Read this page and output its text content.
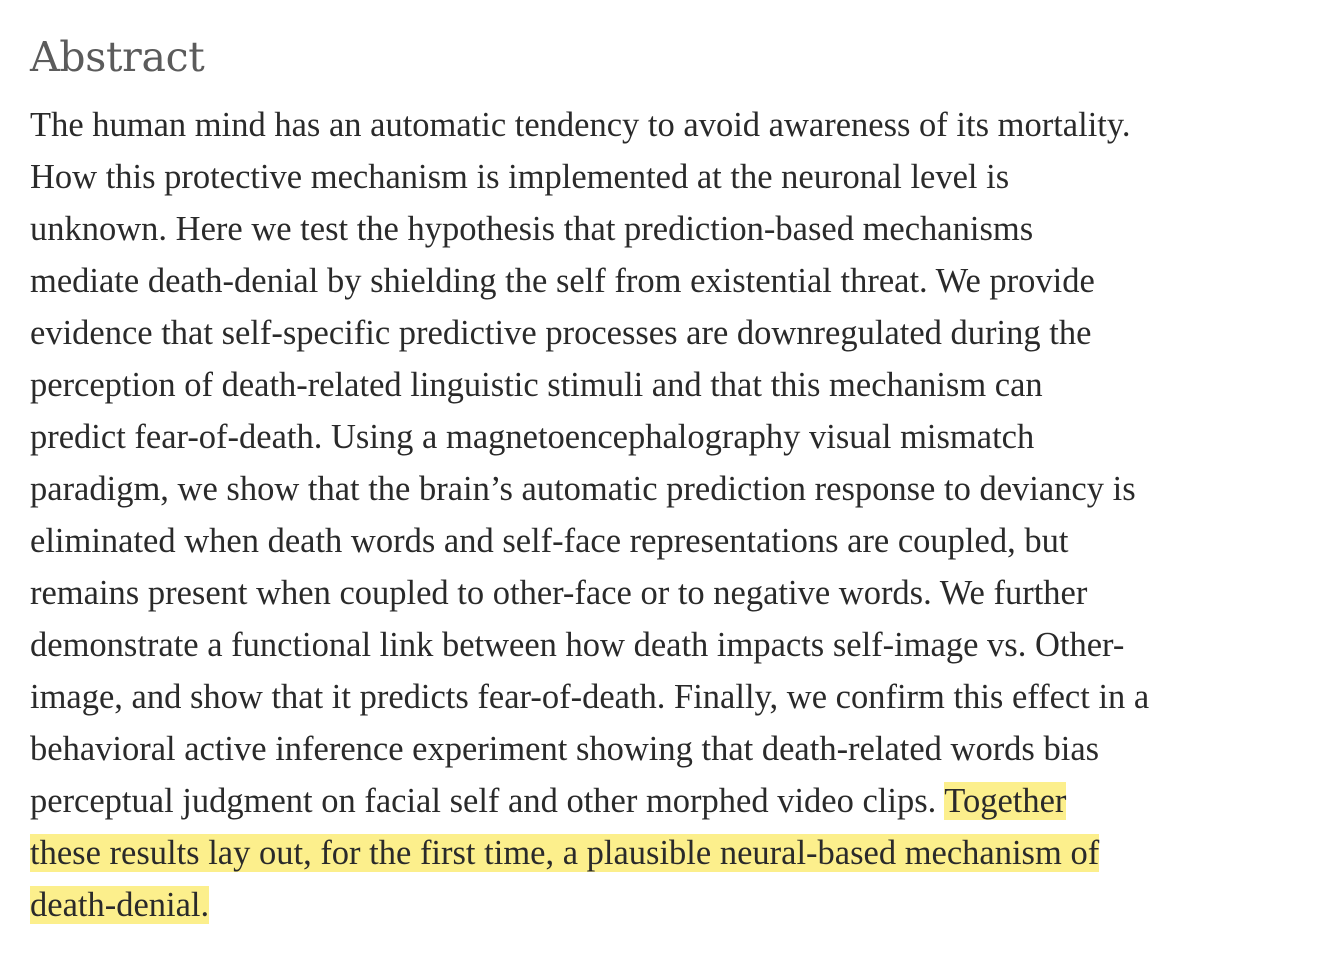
Abstract

The human mind has an automatic tendency to avoid awareness of its mortality.
How this protective mechanism is implemented at the neuronal level is
unknown. Here we test the hypothesis that prediction-based mechanisms
mediate death-denial by shielding the self from existential threat. We provide
evidence that self-specific predictive processes are downregulated during the
perception of death-related linguistic stimuli and that this mechanism can
predict fear-of-death. Using a magnetoencephalography visual mismatch
paradigm, we show that the brain’s automatic prediction response to deviancy is
eliminated when death words and self-face representations are coupled, but
remains present when coupled to other-face or to negative words. We further
demonstrate a functional link between how death impacts self-image vs. Other-
image, and show that it predicts fear-of-death. Finally, we confirm this effect in a
behavioral active inference experiment showing that death-related words bias
perceptual judgment on facial self and other morphed video clips. Together
these results lay out, for the first time, a plausible neural-based mechanism of
death-denial.
